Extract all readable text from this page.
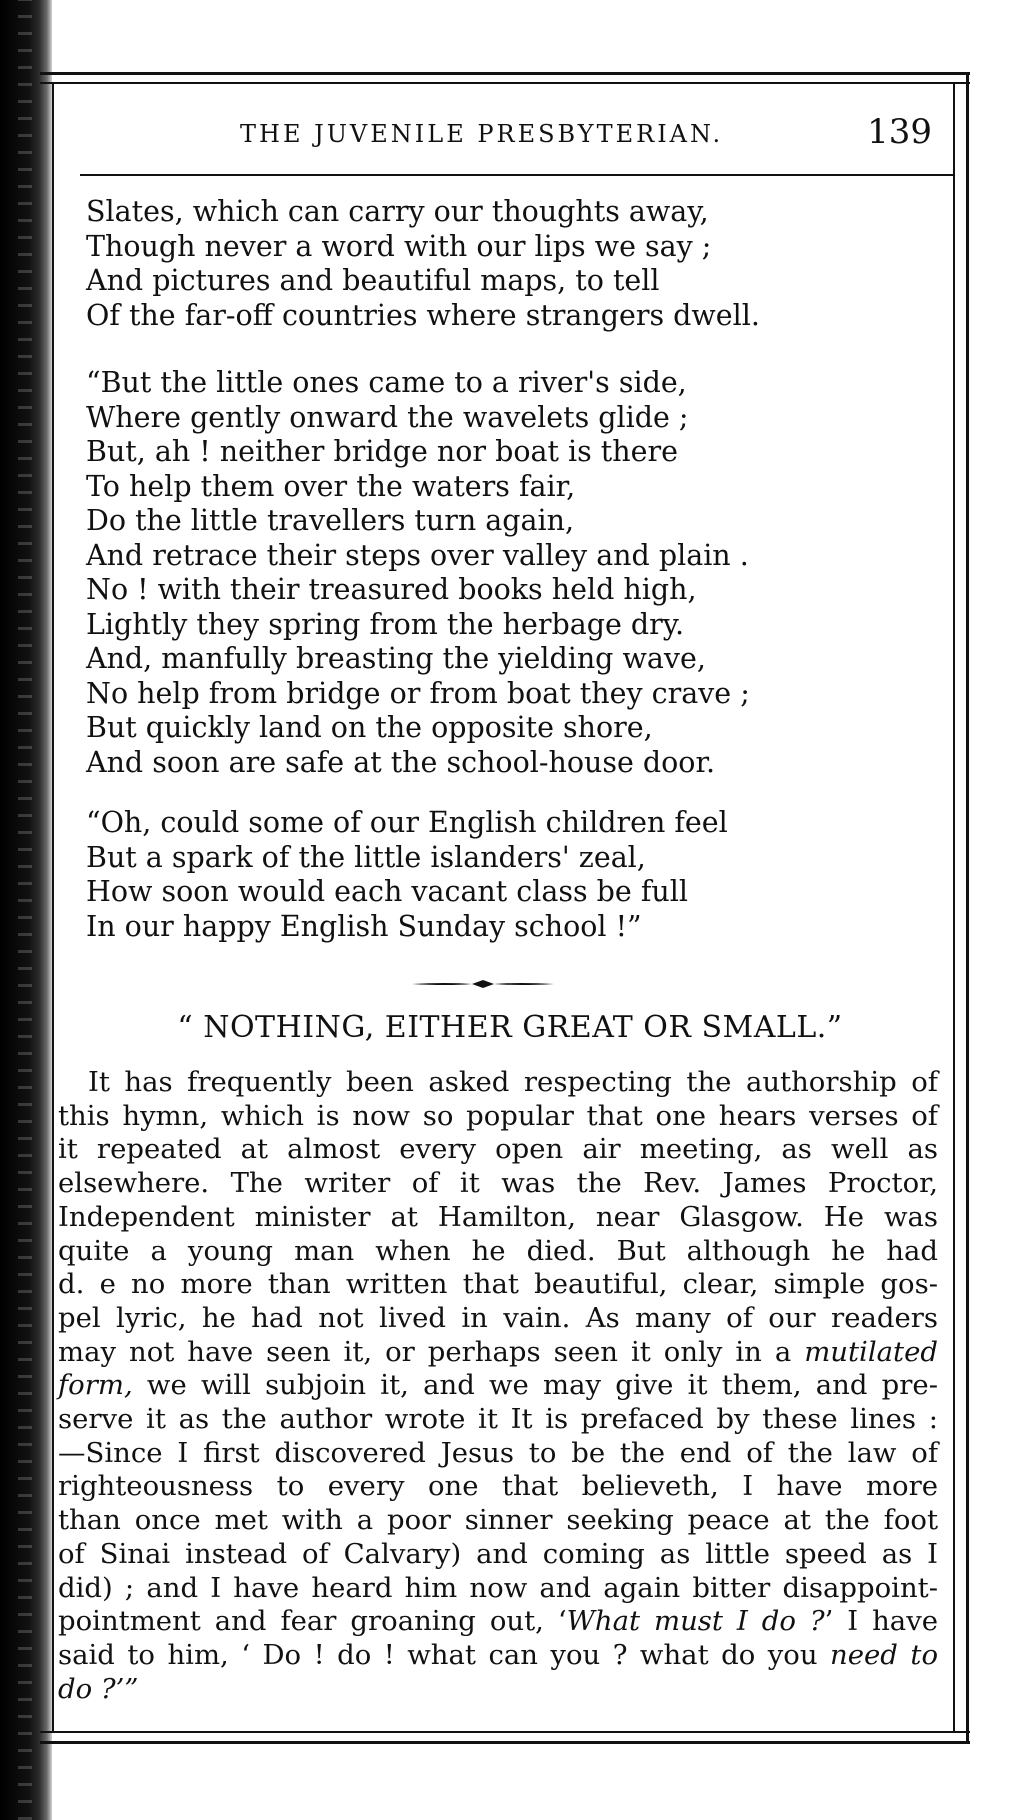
THE JUVENILE PRESBYTERIAN.	139
Slates, which can carry our thoughts away,
Though never a word with our lips we say ;
And pictures and beautiful maps, to tell
Of the far-off countries where strangers dwell.
“But the little ones came to a river's side,
Where gently onward the wavelets glide ;
But, ah ! neither bridge nor boat is there
To help them over the waters fair,
Do the little travellers turn again,
And retrace their steps over valley and plain .
No ! with their treasured books held high,
Lightly they spring from the herbage dry.
And, manfully breasting the yielding wave,
No help from bridge or from boat they crave ;
But quickly land on the opposite shore,
And soon are safe at the school-house door.
“Oh, could some of our English children feel
But a spark of the little islanders' zeal,
How soon would each vacant class be full
In our happy English Sunday school !”
“ NOTHING, EITHER GREAT OR SMALL.”
It has frequently been asked respecting the authorship of
this hymn, which is now so popular that one hears verses of
it repeated at almost every open air meeting, as well as
elsewhere. The writer of it was the Rev. James Proctor,
Independent minister at Hamilton, near Glasgow. He was
quite a young man when he died. But although he had
d. e no more than written that beautiful, clear, simple gos-
pel lyric, he had not lived in vain. As many of our readers
may not have seen it, or perhaps seen it only in a mutilated
form, we will subjoin it, and we may give it them, and pre-
serve it as the author wrote it It is prefaced by these lines :
—Since I first discovered Jesus to be the end of the law of
righteousness to every one that believeth, I have more
than once met with a poor sinner seeking peace at the foot
of Sinai instead of Calvary) and coming as little speed as I
did) ; and I have heard him now and again bitter disappoint-
pointment and fear groaning out, ‘What must I do ?’ I have
said to him, ‘ Do ! do ! what can you ? what do you need to
do ?’”
